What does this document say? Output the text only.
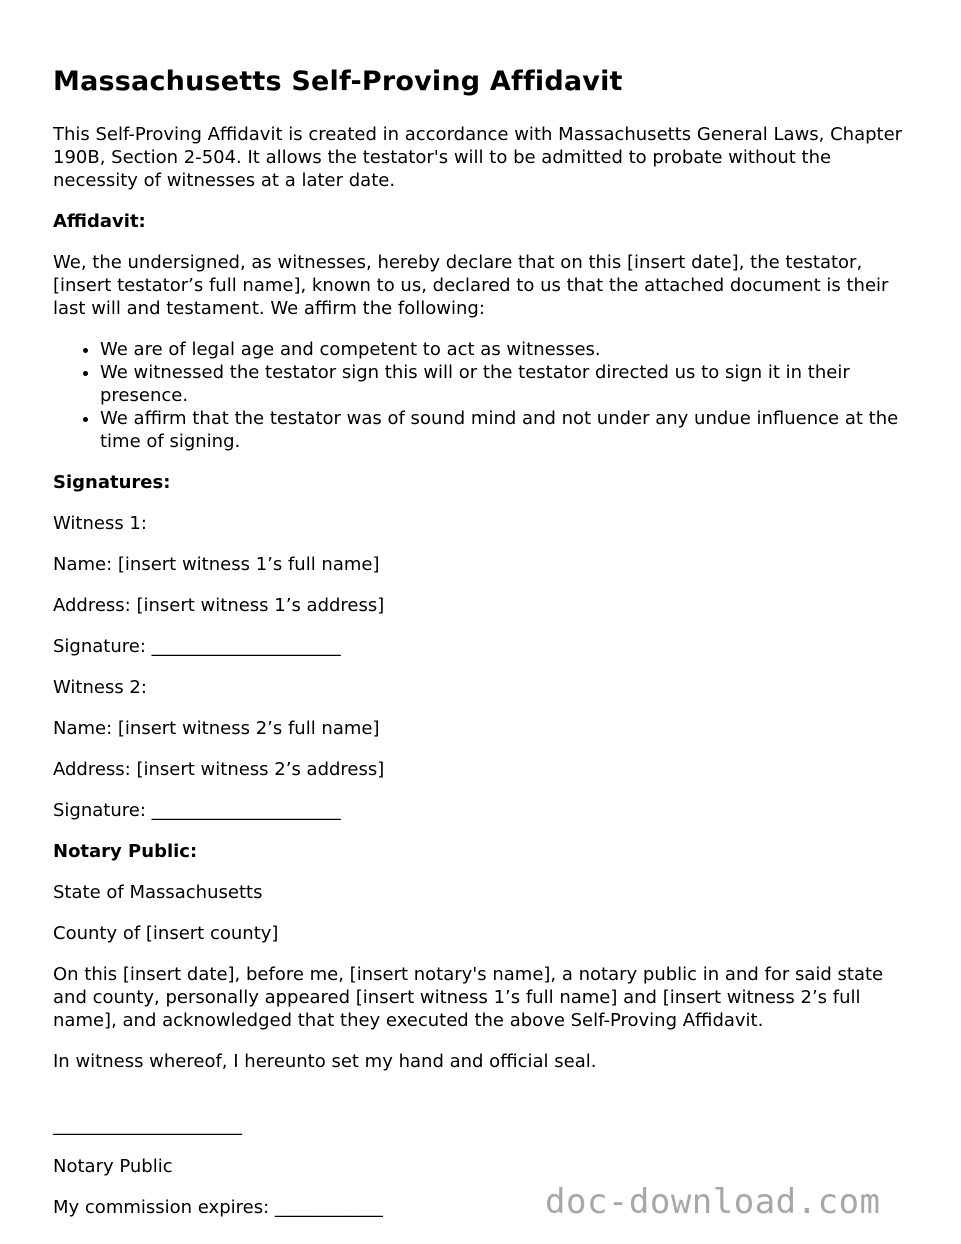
Massachusetts Self-Proving Affidavit

This Self-Proving Affidavit is created in accordance with Massachusetts General Laws, Chapter 190B, Section 2-504. It allows the testator's will to be admitted to probate without the necessity of witnesses at a later date.

Affidavit:

We, the undersigned, as witnesses, hereby declare that on this [insert date], the testator, [insert testator’s full name], known to us, declared to us that the attached document is their last will and testament. We affirm the following:

• We are of legal age and competent to act as witnesses.
• We witnessed the testator sign this will or the testator directed us to sign it in their presence.
• We affirm that the testator was of sound mind and not under any undue influence at the time of signing.

Signatures:

Witness 1:

Name: [insert witness 1’s full name]

Address: [insert witness 1’s address]

Signature: _____________________

Witness 2:

Name: [insert witness 2’s full name]

Address: [insert witness 2’s address]

Signature: _____________________

Notary Public:

State of Massachusetts

County of [insert county]

On this [insert date], before me, [insert notary's name], a notary public in and for said state and county, personally appeared [insert witness 1’s full name] and [insert witness 2’s full name], and acknowledged that they executed the above Self-Proving Affidavit.

In witness whereof, I hereunto set my hand and official seal.

_____________________

Notary Public

My commission expires: ____________	doc-download.com
